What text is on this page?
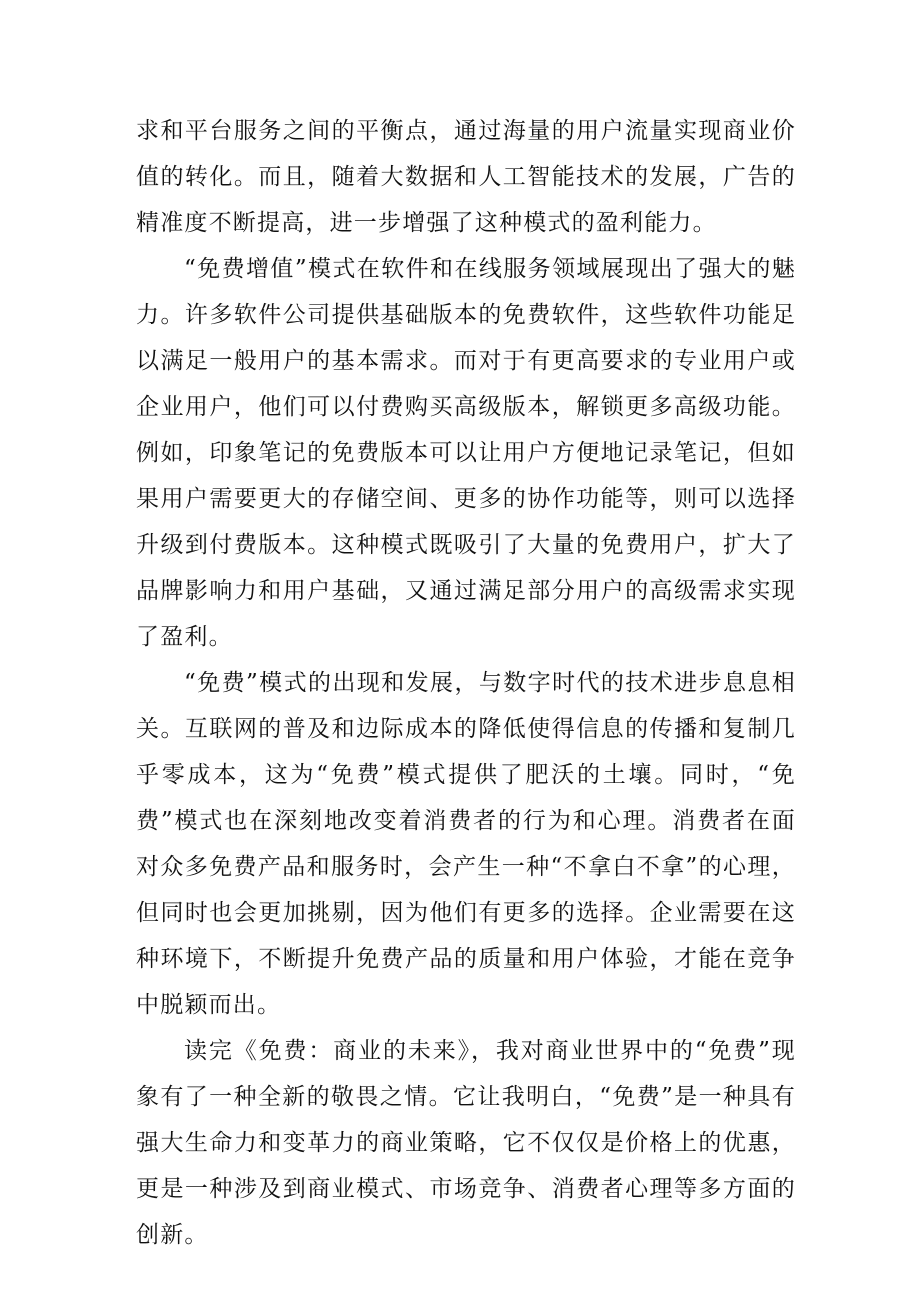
求和平台服务之间的平衡点，通过海量的用户流量实现商业价值的转化。而且，随着大数据和人工智能技术的发展，广告的精准度不断提高，进一步增强了这种模式的盈利能力。

“免费增值”模式在软件和在线服务领域展现出了强大的魅力。许多软件公司提供基础版本的免费软件，这些软件功能足以满足一般用户的基本需求。而对于有更高要求的专业用户或企业用户，他们可以付费购买高级版本，解锁更多高级功能。例如，印象笔记的免费版本可以让用户方便地记录笔记，但如果用户需要更大的存储空间、更多的协作功能等，则可以选择升级到付费版本。这种模式既吸引了大量的免费用户，扩大了品牌影响力和用户基础，又通过满足部分用户的高级需求实现了盈利。

“免费”模式的出现和发展，与数字时代的技术进步息息相关。互联网的普及和边际成本的降低使得信息的传播和复制几乎零成本，这为“免费”模式提供了肥沃的土壤。同时，“免费”模式也在深刻地改变着消费者的行为和心理。消费者在面对众多免费产品和服务时，会产生一种“不拿白不拿”的心理，但同时也会更加挑剔，因为他们有更多的选择。企业需要在这种环境下，不断提升免费产品的质量和用户体验，才能在竞争中脱颖而出。

读完《免费：商业的未来》，我对商业世界中的“免费”现象有了一种全新的敬畏之情。它让我明白，“免费”是一种具有强大生命力和变革力的商业策略，它不仅仅是价格上的优惠，更是一种涉及到商业模式、市场竞争、消费者心理等多方面的创新。
